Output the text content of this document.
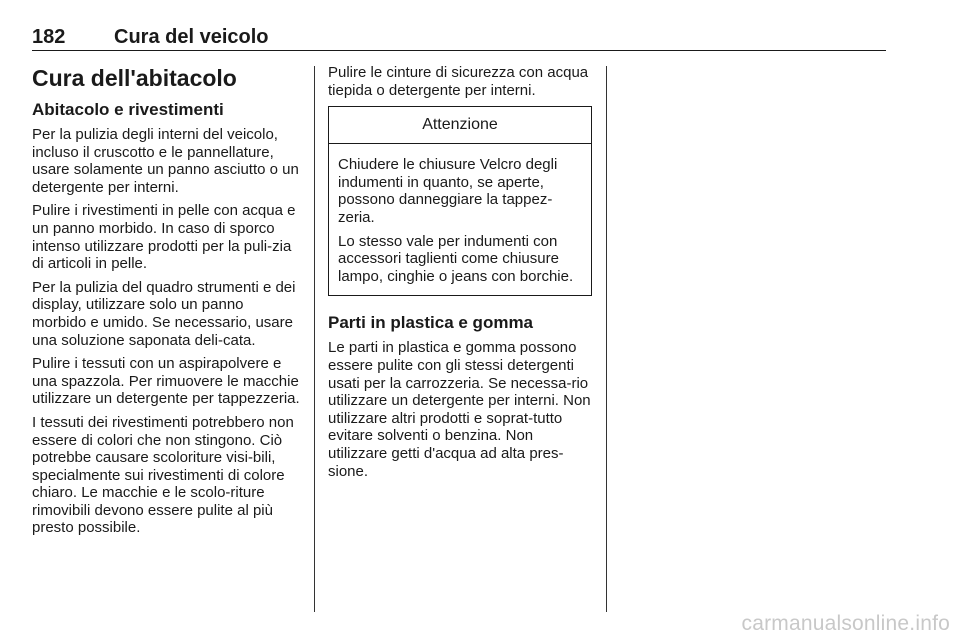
182 Cura del veicolo
Cura dell'abitacolo
Abitacolo e rivestimenti

Per la pulizia degli interni del veicolo, incluso il cruscotto e le pannellature, usare solamente un panno asciutto o un detergente per interni.

Pulire i rivestimenti in pelle con acqua e un panno morbido. In caso di sporco intenso utilizzare prodotti per la puli-zia di articoli in pelle.

Per la pulizia del quadro strumenti e dei display, utilizzare solo un panno morbido e umido. Se necessario, usare una soluzione saponata deli-cata.

Pulire i tessuti con un aspirapolvere e una spazzola. Per rimuovere le macchie utilizzare un detergente per tappezzeria.

I tessuti dei rivestimenti potrebbero non essere di colori che non stingono. Ciò potrebbe causare scoloriture visi-bili, specialmente sui rivestimenti di colore chiaro. Le macchie e le scolo-riture rimovibili devono essere pulite al più presto possibile.

Pulire le cinture di sicurezza con acqua tiepida o detergente per interni.

Attenzione

Chiudere le chiusure Velcro degli indumenti in quanto, se aperte, possono danneggiare la tappez-zeria.

Lo stesso vale per indumenti con accessori taglienti come chiusure lampo, cinghie o jeans con borchie.

Parti in plastica e gomma

Le parti in plastica e gomma possono essere pulite con gli stessi detergenti usati per la carrozzeria. Se necessa-rio utilizzare un detergente per interni. Non utilizzare altri prodotti e soprat-tutto evitare solventi o benzina. Non utilizzare getti d'acqua ad alta pres-sione.

carmanualsonline.info
